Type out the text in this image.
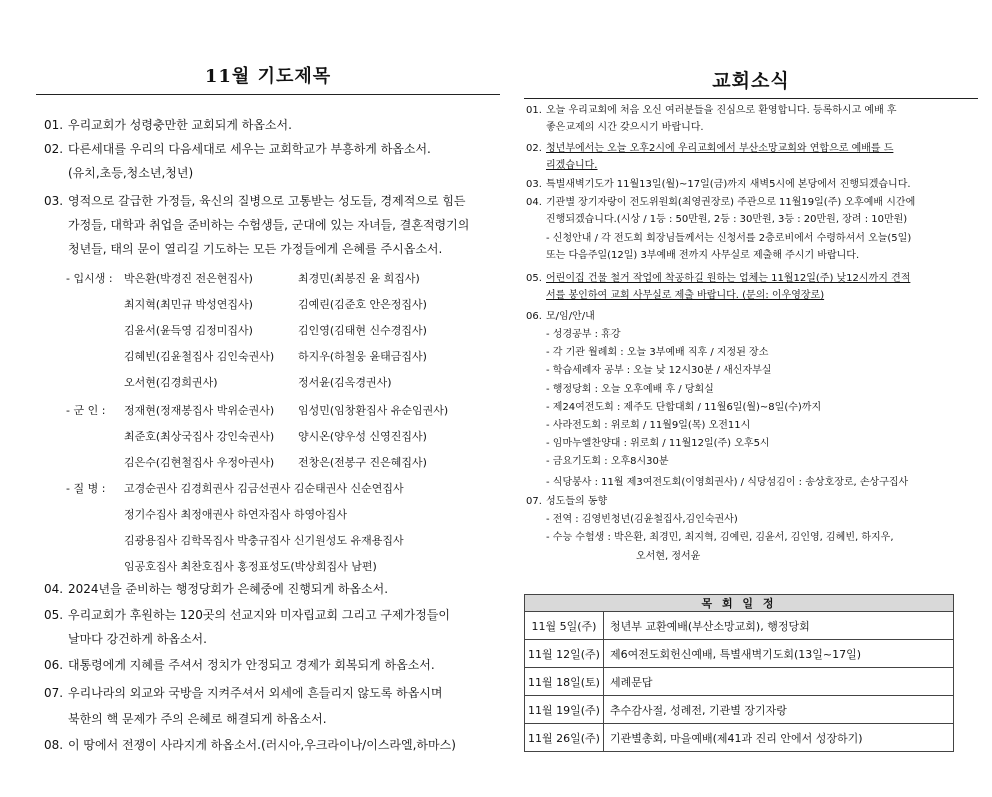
11월 기도제목
01. 우리교회가 성령충만한 교회되게 하옵소서.
02. 다른세대를 우리의 다음세대로 세우는 교회학교가 부흥하게 하옵소서.
(유치,초등,청소년,청년)
03. 영적으로 갈급한 가정들, 육신의 질병으로 고통받는 성도들, 경제적으로 힘든
가정들, 대학과 취업을 준비하는 수험생들, 군대에 있는 자녀들, 결혼적령기의
청년들, 태의 문이 열리길 기도하는 모든 가정들에게 은혜를 주시옵소서.
- 입시생 : 박은환(박경진 전은현집사)	최경민(최봉진 윤 희집사)
최지혁(최민규 박성연집사)	김예린(김준호 안은정집사)
김윤서(윤득영 김정미집사)	김인영(김태현 신수경집사)
김혜빈(김윤철집사 김인숙권사) 하지우(하철웅 윤태금집사)
오서현(김경희권사)	정서윤(김옥경권사)
- 군 인 : 정재현(정재봉집사 박위순권사) 임성민(임창환집사 유순임권사)
최준호(최상국집사 강인숙권사) 양시온(양우성 신영진집사)
김은수(김현철집사 우정아권사) 전창은(전봉구 진은혜집사)
- 질 병 : 고경순권사 김경희권사 김금선권사 김순태권사 신순연집사
정기수집사 최정애권사 하연자집사 하영아집사
김광용집사 김학목집사 박충규집사 신기원성도 유재용집사
임공호집사 최찬호집사 홍정표성도(박상희집사 남편)
04. 2024년을 준비하는 행정당회가 은혜중에 진행되게 하옵소서.
05. 우리교회가 후원하는 120곳의 선교지와 미자립교회 그리고 구제가정들이
날마다 강건하게 하옵소서.
06. 대통령에게 지혜를 주셔서 정치가 안정되고 경제가 회복되게 하옵소서.
07. 우리나라의 외교와 국방을 지켜주셔서 외세에 흔들리지 않도록 하옵시며
북한의 핵 문제가 주의 은혜로 해결되게 하옵소서.
08. 이 땅에서 전쟁이 사라지게 하옵소서.(러시아,우크라이나/이스라엘,하마스)
교회소식
01. 오늘 우리교회에 처음 오신 여러분들을 진심으로 환영합니다. 등록하시고 예배 후
좋은교제의 시간 갖으시기 바랍니다.
02. 청년부에서는 오늘 오후2시에 우리교회에서 부산소망교회와 연합으로 예배를 드
리겠습니다.
03. 특별새벽기도가 11월13일(월)~17일(금)까지 새벽5시에 본당에서 진행되겠습니다.
04. 기관별 장기자랑이 전도위원회(최영권장로) 주관으로 11월19일(주) 오후예배 시간에
진행되겠습니다.(시상 / 1등 : 50만원, 2등 : 30만원, 3등 : 20만원, 장려 : 10만원)
- 신청안내 / 각 전도회 회장님들께서는 신청서를 2층로비에서 수령하셔서 오늘(5일)
또는 다음주일(12일) 3부예배 전까지 사무실로 제출해 주시기 바랍니다.
05. 어린이집 건물 철거 작업에 착공하길 원하는 업체는 11월12일(주) 낮12시까지 견적
서를 봉인하여 교회 사무실로 제출 바랍니다. (문의: 이우영장로)
06. 모/임/안/내
- 성경공부 : 휴강
- 각 기관 월례회 : 오늘 3부예배 직후 / 지정된 장소
- 학습세례자 공부 : 오늘 낮 12시30분 / 새신자부실
- 행정당회 : 오늘 오후예배 후 / 당회실
- 제24여전도회 : 제주도 단합대회 / 11월6일(월)~8일(수)까지
- 사라전도회 : 위로회 / 11월9일(목) 오전11시
- 임마누엘찬양대 : 위로회 / 11월12일(주) 오후5시
- 금요기도회 : 오후8시30분
- 식당봉사 : 11월 제3여전도회(이영희권사) / 식당섬김이 : 송상호장로, 손상구집사
07. 성도들의 동향
- 전역 : 김영빈청년(김윤철집사,김인숙권사)
- 수능 수험생 : 박은환, 최경민, 최지혁, 김예린, 김윤서, 김인영, 김혜빈, 하지우,
오서현, 정서윤
목 회 일 정	
11월 5일(주)	청년부 교환예배(부산소망교회), 행정당회
11월 12일(주)	제6여전도회헌신예배, 특별새벽기도회(13일~17일)
11월 18일(토)	세례문답
11월 19일(주)	추수감사절, 성례전, 기관별 장기자랑
11월 26일(주)	기관별총회, 마을예배(제41과 진리 안에서 성장하기)
